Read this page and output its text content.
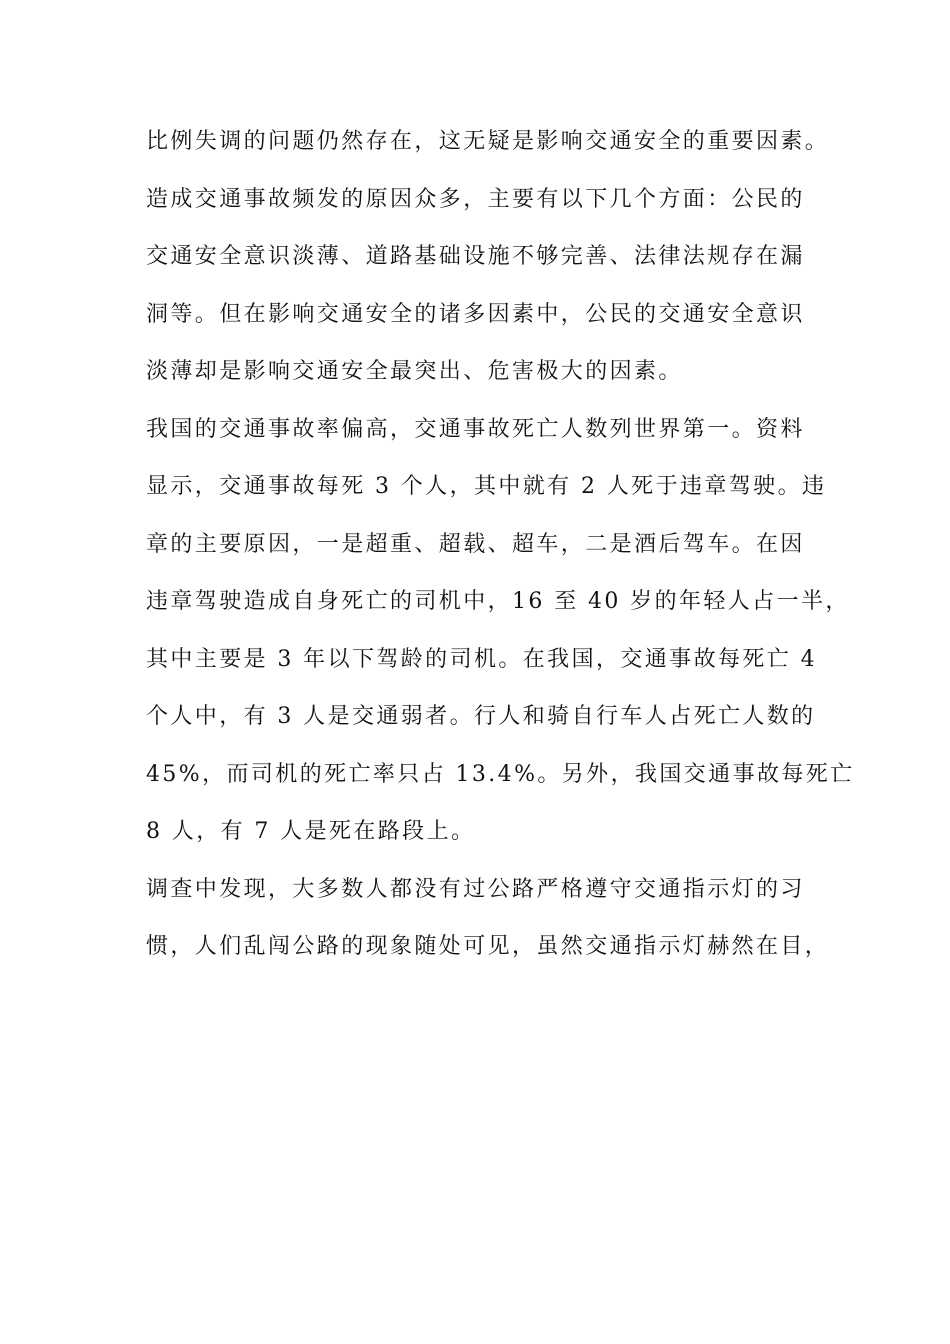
比例失调的问题仍然存在，这无疑是影响交通安全的重要因素。
造成交通事故频发的原因众多，主要有以下几个方面：公民的
交通安全意识淡薄、道路基础设施不够完善、法律法规存在漏
洞等。但在影响交通安全的诸多因素中，公民的交通安全意识
淡薄却是影响交通安全最突出、危害极大的因素。
我国的交通事故率偏高，交通事故死亡人数列世界第一。资料
显示，交通事故每死 3 个人，其中就有 2 人死于违章驾驶。违
章的主要原因，一是超重、超载、超车，二是酒后驾车。在因
违章驾驶造成自身死亡的司机中，16 至 40 岁的年轻人占一半，
其中主要是 3 年以下驾龄的司机。在我国，交通事故每死亡 4
个人中，有 3 人是交通弱者。行人和骑自行车人占死亡人数的
45%，而司机的死亡率只占 13.4%。另外，我国交通事故每死亡
8 人，有 7 人是死在路段上。
调查中发现，大多数人都没有过公路严格遵守交通指示灯的习
惯，人们乱闯公路的现象随处可见，虽然交通指示灯赫然在目，
